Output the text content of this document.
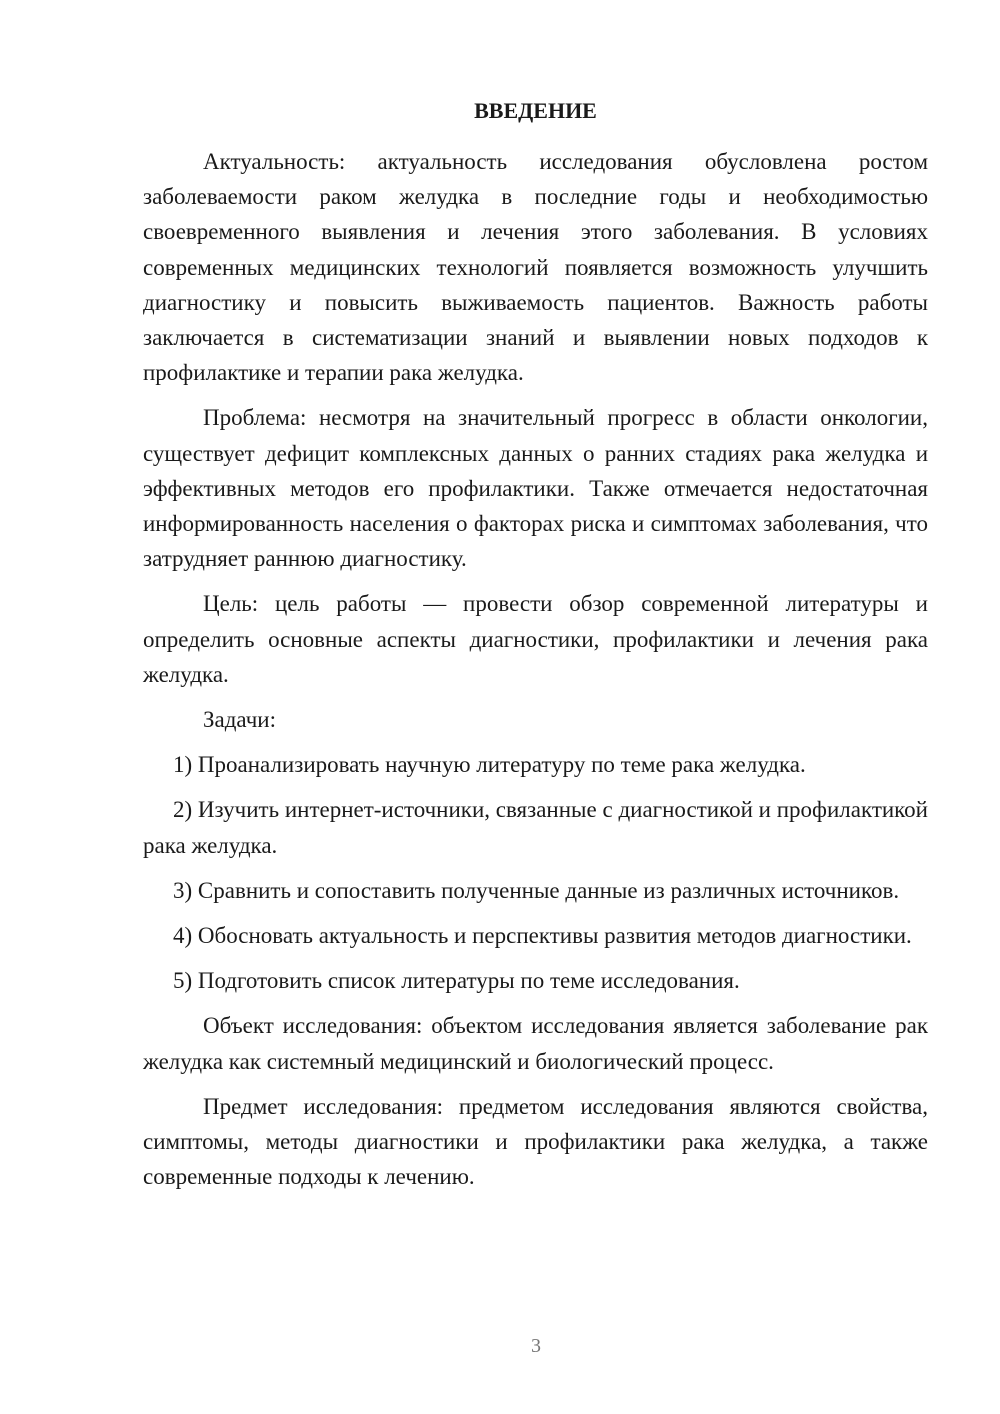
ВВЕДЕНИЕ

Актуальность: актуальность исследования обусловлена ростом заболеваемости раком желудка в последние годы и необходимостью своевременного выявления и лечения этого заболевания. В условиях современных медицинских технологий появляется возможность улучшить диагностику и повысить выживаемость пациентов. Важность работы заключается в систематизации знаний и выявлении новых подходов к профилактике и терапии рака желудка.

Проблема: несмотря на значительный прогресс в области онкологии, существует дефицит комплексных данных о ранних стадиях рака желудка и эффективных методов его профилактики. Также отмечается недостаточная информированность населения о факторах риска и симптомах заболевания, что затрудняет раннюю диагностику.

Цель: цель работы — провести обзор современной литературы и определить основные аспекты диагностики, профилактики и лечения рака желудка.

Задачи:

1) Проанализировать научную литературу по теме рака желудка.

2) Изучить интернет-источники, связанные с диагностикой и профилактикой рака желудка.

3) Сравнить и сопоставить полученные данные из различных источников.

4) Обосновать актуальность и перспективы развития методов диагностики.

5) Подготовить список литературы по теме исследования.

Объект исследования: объектом исследования является заболевание рак желудка как системный медицинский и биологический процесс.

Предмет исследования: предметом исследования являются свойства, симптомы, методы диагностики и профилактики рака желудка, а также современные подходы к лечению.

3
